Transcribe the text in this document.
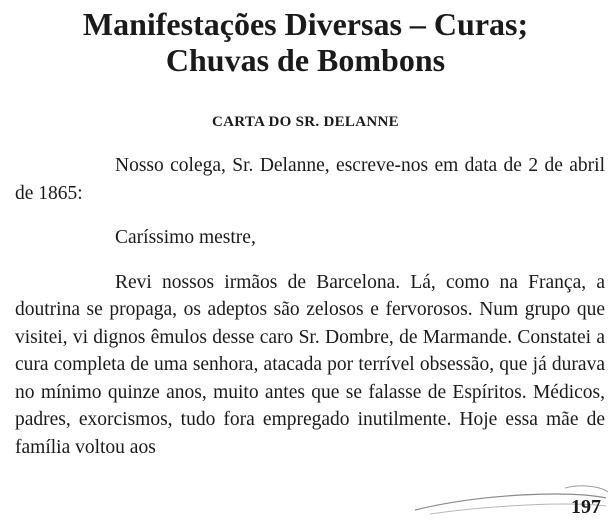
Manifestações Diversas – Curas;
Chuvas de Bombons
CARTA DO SR. DELANNE

Nosso colega, Sr. Delanne, escreve-nos em data de 2 de abril de 1865:

Caríssimo mestre,

Revi nossos irmãos de Barcelona. Lá, como na França, a doutrina se propaga, os adeptos são zelosos e fervorosos. Num grupo que visitei, vi dignos êmulos desse caro Sr. Dombre, de Marmande. Constatei a cura completa de uma senhora, atacada por terrível obsessão, que já durava no mínimo quinze anos, muito antes que se falasse de Espíritos. Médicos, padres, exorcismos, tudo fora empregado inutilmente. Hoje essa mãe de família voltou aos

197
